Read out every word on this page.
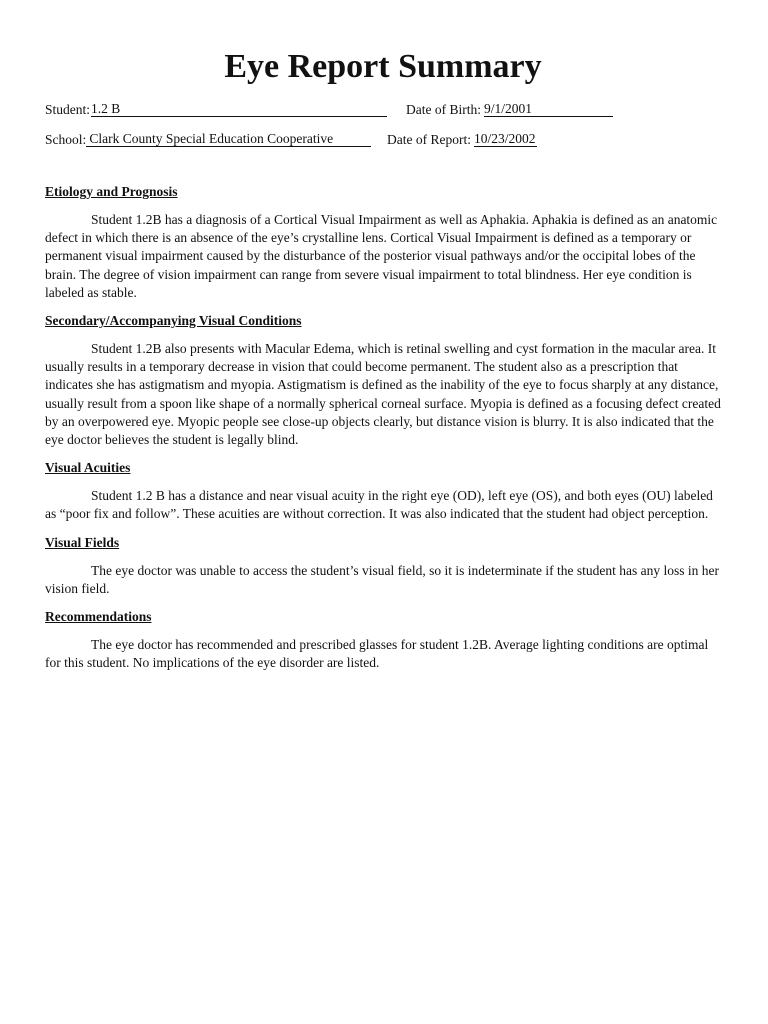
Eye Report Summary
Student: 1.2 B	Date of Birth: 9/1/2001
School: Clark County Special Education Cooperative	Date of Report: 10/23/2002
Etiology and Prognosis

Student 1.2B has a diagnosis of a Cortical Visual Impairment as well as Aphakia. Aphakia is defined as an anatomic defect in which there is an absence of the eye’s crystalline lens. Cortical Visual Impairment is defined as a temporary or permanent visual impairment caused by the disturbance of the posterior visual pathways and/or the occipital lobes of the brain. The degree of vision impairment can range from severe visual impairment to total blindness. Her eye condition is labeled as stable.

Secondary/Accompanying Visual Conditions

Student 1.2B also presents with Macular Edema, which is retinal swelling and cyst formation in the macular area. It usually results in a temporary decrease in vision that could become permanent. The student also as a prescription that indicates she has astigmatism and myopia. Astigmatism is defined as the inability of the eye to focus sharply at any distance, usually result from a spoon like shape of a normally spherical corneal surface. Myopia is defined as a focusing defect created by an overpowered eye. Myopic people see close-up objects clearly, but distance vision is blurry. It is also indicated that the eye doctor believes the student is legally blind.

Visual Acuities

Student 1.2 B has a distance and near visual acuity in the right eye (OD), left eye (OS), and both eyes (OU) labeled as “poor fix and follow”. These acuities are without correction. It was also indicated that the student had object perception.

Visual Fields

The eye doctor was unable to access the student’s visual field, so it is indeterminate if the student has any loss in her vision field.

Recommendations

The eye doctor has recommended and prescribed glasses for student 1.2B. Average lighting conditions are optimal for this student. No implications of the eye disorder are listed.
